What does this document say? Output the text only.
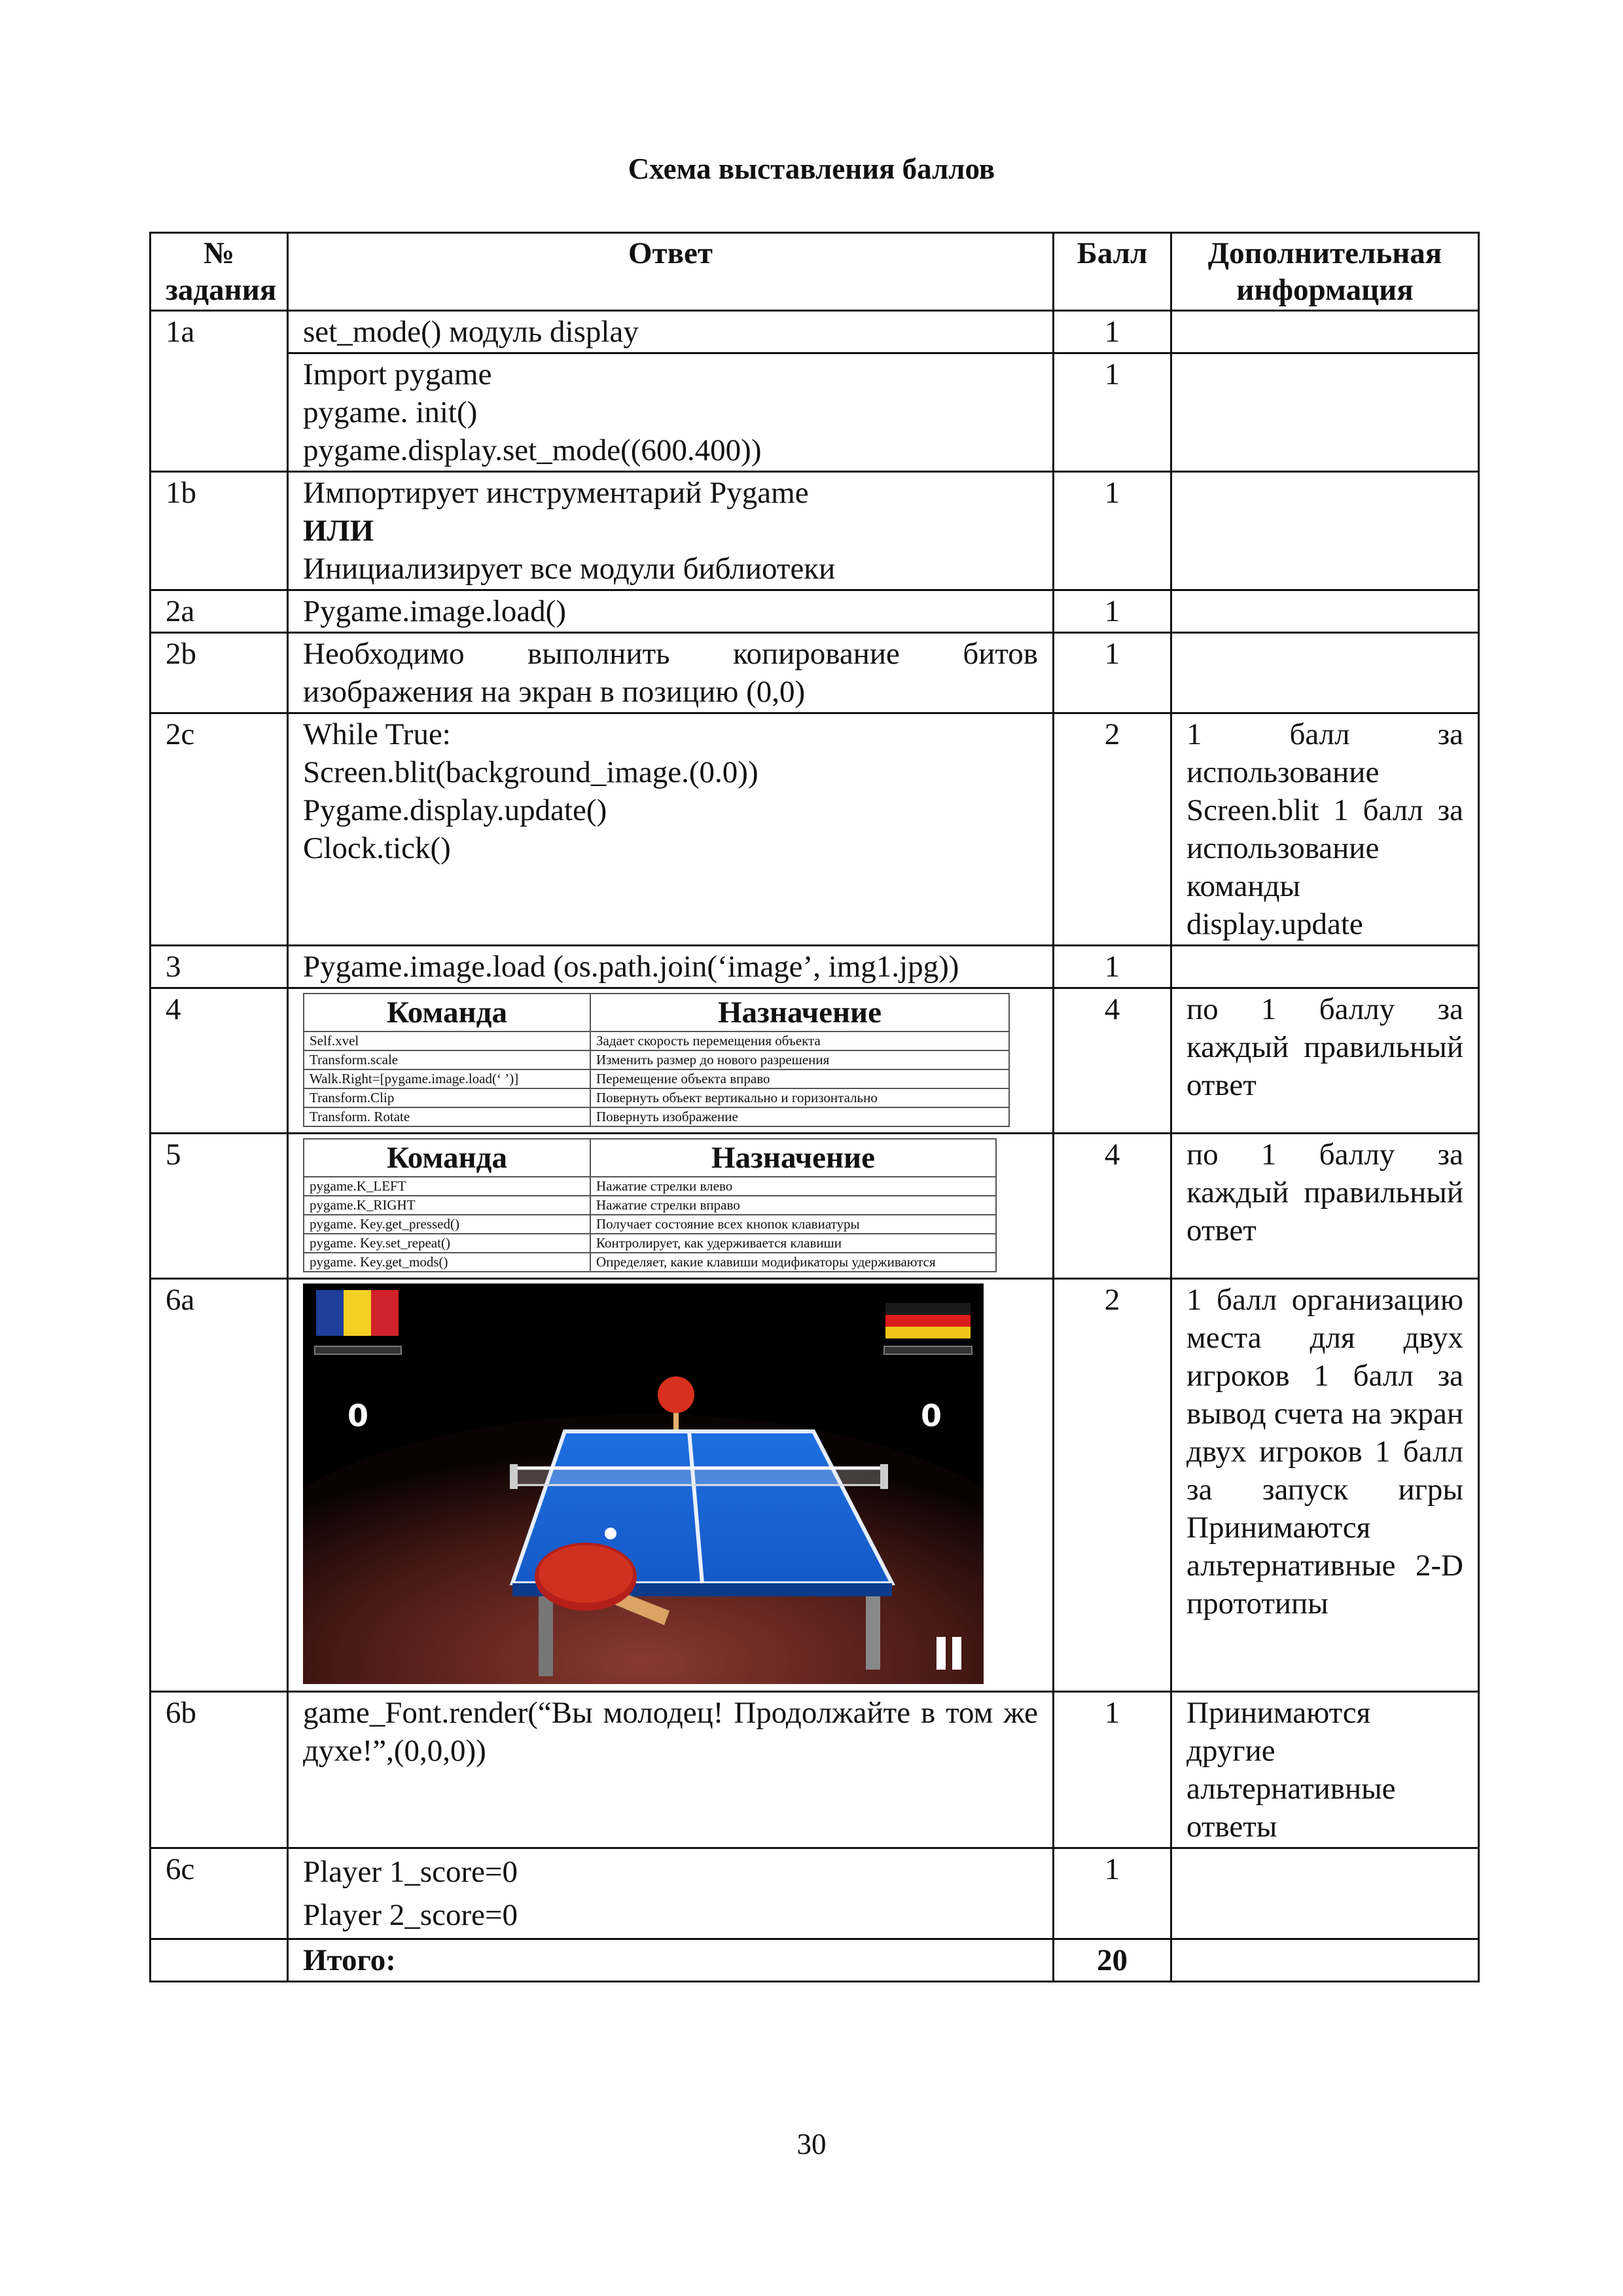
Схема выставления баллов
№ задания	Ответ	Балл	Дополнительная информация
1a	set_mode() модуль display	1	

Import pygame
pygame. init()
pygame.display.set_mode((600.400))
	1	
1b	Импортирует инструментарий Pygame
ИЛИ
Инициализирует все модули библиотеки
	1	
2a	Pygame.image.load()	1	
2b	Необходимо выполнить копирование битов изображения на экран в позицию (0,0)	1	
2c	While True:
Screen.blit(background_image.(0.0))
Pygame.display.update()
Clock.tick()
	2	1 балл за использование Screen.blit 1 балл за использование команды display.update
3	Pygame.image.load (os.path.join(‘image’, img1.jpg))	1	
4		Команда	Назначение
Self.xvel	Задает скорость перемещения объекта
Transform.scale	Изменить размер до нового разрешения
Walk.Right=[pygame.image.load(‘ ’)]	Перемещение объекта вправо
Transform.Clip	Повернуть объект вертикально и горизонтально
Transform. Rotate	Повернуть изображение
	4	по 1 баллу за каждый правильный ответ
5		Команда	Назначение
pygame.K_LEFT	Нажатие стрелки влево
pygame.K_RIGHT	Нажатие стрелки вправо
pygame. Key.get_pressed()	Получает состояние всех кнопок клавиатуры
pygame. Key.set_repeat()	Контролирует, как удерживается клавиши
pygame. Key.get_mods()	Определяет, какие клавиши модификаторы удерживаются
	4	по 1 баллу за каждый правильный ответ
6a	
0	0
	2	1 балл организацию места для двух игроков 1 балл за вывод счета на экран двух игроков 1 балл за запуск игры Принимаются альтернативные 2-D прототипы
6b	game_Font.render(“Вы молодец! Продолжайте в том же духе!”,(0,0,0))	1	Принимаются другие альтернативные ответы
6c	Player 1_score=0
Player 2_score=0
	1	
	Итого:	20	
30
